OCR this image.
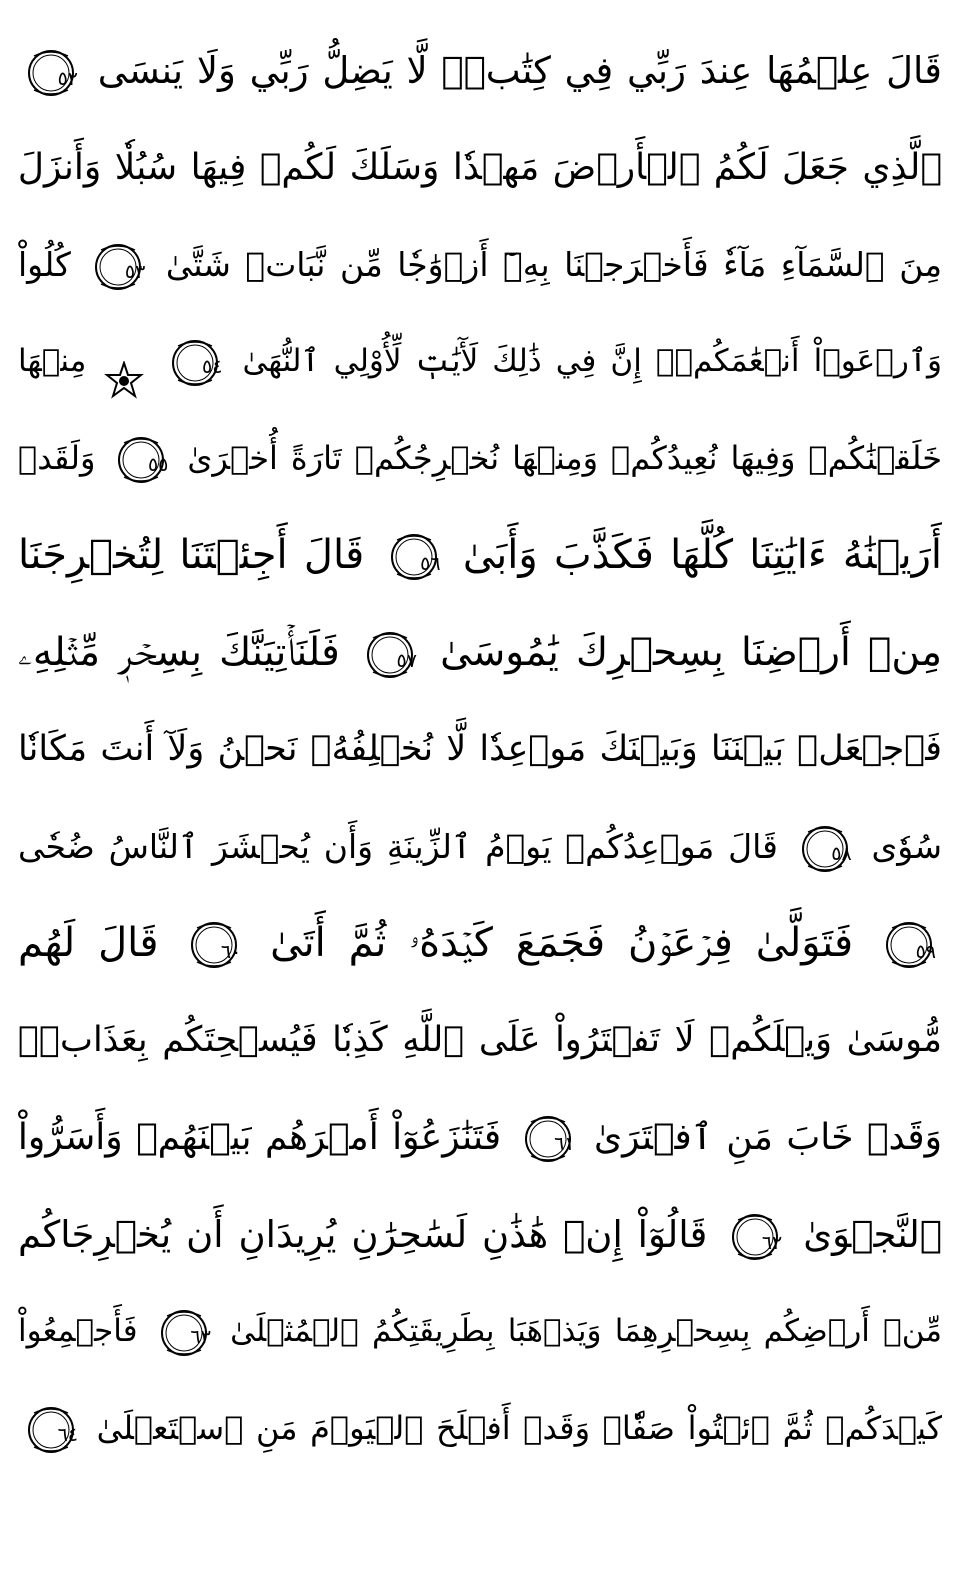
قَالَ عِلۡمُهَا عِندَ رَبِّي فِي كِتَٰبٖۖ لَّا يَضِلُّ رَبِّي وَلَا يَنسَى
٥٢
ٱلَّذِي جَعَلَ لَكُمُ ٱلۡأَرۡضَ مَهۡدٗا وَسَلَكَ لَكُمۡ فِيهَا سُبُلٗا وَأَنزَلَ
مِنَ ٱلسَّمَآءِ مَآءٗ فَأَخۡرَجۡنَا بِهِۦٓ أَزۡوَٰجٗا مِّن نَّبَاتٖ شَتَّىٰ
٥٣ كُلُواْ
وَٱرۡعَوۡاْ أَنۡعَٰمَكُمۡۚ إِنَّ فِي ذَٰلِكَ لَأٓيَٰتٖ لِّأُوْلِي ٱلنُّهَىٰ
٥٤  مِنۡهَا
خَلَقۡنَٰكُمۡ وَفِيهَا نُعِيدُكُمۡ وَمِنۡهَا نُخۡرِجُكُمۡ تَارَةً أُخۡرَىٰ
٥٥ وَلَقَدۡ
أَرَيۡنَٰهُ ءَايَٰتِنَا كُلَّهَا فَكَذَّبَ وَأَبَىٰ
٥٦ قَالَ أَجِئۡتَنَا لِتُخۡرِجَنَا
مِنۡ أَرۡضِنَا بِسِحۡرِكَ يَٰمُوسَىٰ
٥٧ فَلَنَأۡتِيَنَّكَ بِسِحۡرٖ مِّثۡلِهِۦ
فَٱجۡعَلۡ بَيۡنَنَا وَبَيۡنَكَ مَوۡعِدٗا لَّا نُخۡلِفُهُۥ نَحۡنُ وَلَآ أَنتَ مَكَانٗا
سُوٗى
٥٨ قَالَ مَوۡعِدُكُمۡ يَوۡمُ ٱلزِّينَةِ وَأَن يُحۡشَرَ ٱلنَّاسُ ضُحٗى
٥٩ فَتَوَلَّىٰ فِرۡعَوۡنُ فَجَمَعَ كَيۡدَهُۥ ثُمَّ أَتَىٰ
٦٠ قَالَ لَهُم
مُّوسَىٰ وَيۡلَكُمۡ لَا تَفۡتَرُواْ عَلَى ٱللَّهِ كَذِبٗا فَيُسۡحِتَكُم بِعَذَابٖۖ
وَقَدۡ خَابَ مَنِ ٱفۡتَرَىٰ
٦١ فَتَنَٰزَعُوٓاْ أَمۡرَهُم بَيۡنَهُمۡ وَأَسَرُّواْ
ٱلنَّجۡوَىٰ
٦٢ قَالُوٓاْ إِنۡ هَٰذَٰنِ لَسَٰحِرَٰنِ يُرِيدَانِ أَن يُخۡرِجَاكُم
مِّنۡ أَرۡضِكُم بِسِحۡرِهِمَا وَيَذۡهَبَا بِطَرِيقَتِكُمُ ٱلۡمُثۡلَىٰ
٦٣ فَأَجۡمِعُواْ
كَيۡدَكُمۡ ثُمَّ ٱئۡتُواْ صَفّٗاۚ وَقَدۡ أَفۡلَحَ ٱلۡيَوۡمَ مَنِ ٱسۡتَعۡلَىٰ
٦٤
